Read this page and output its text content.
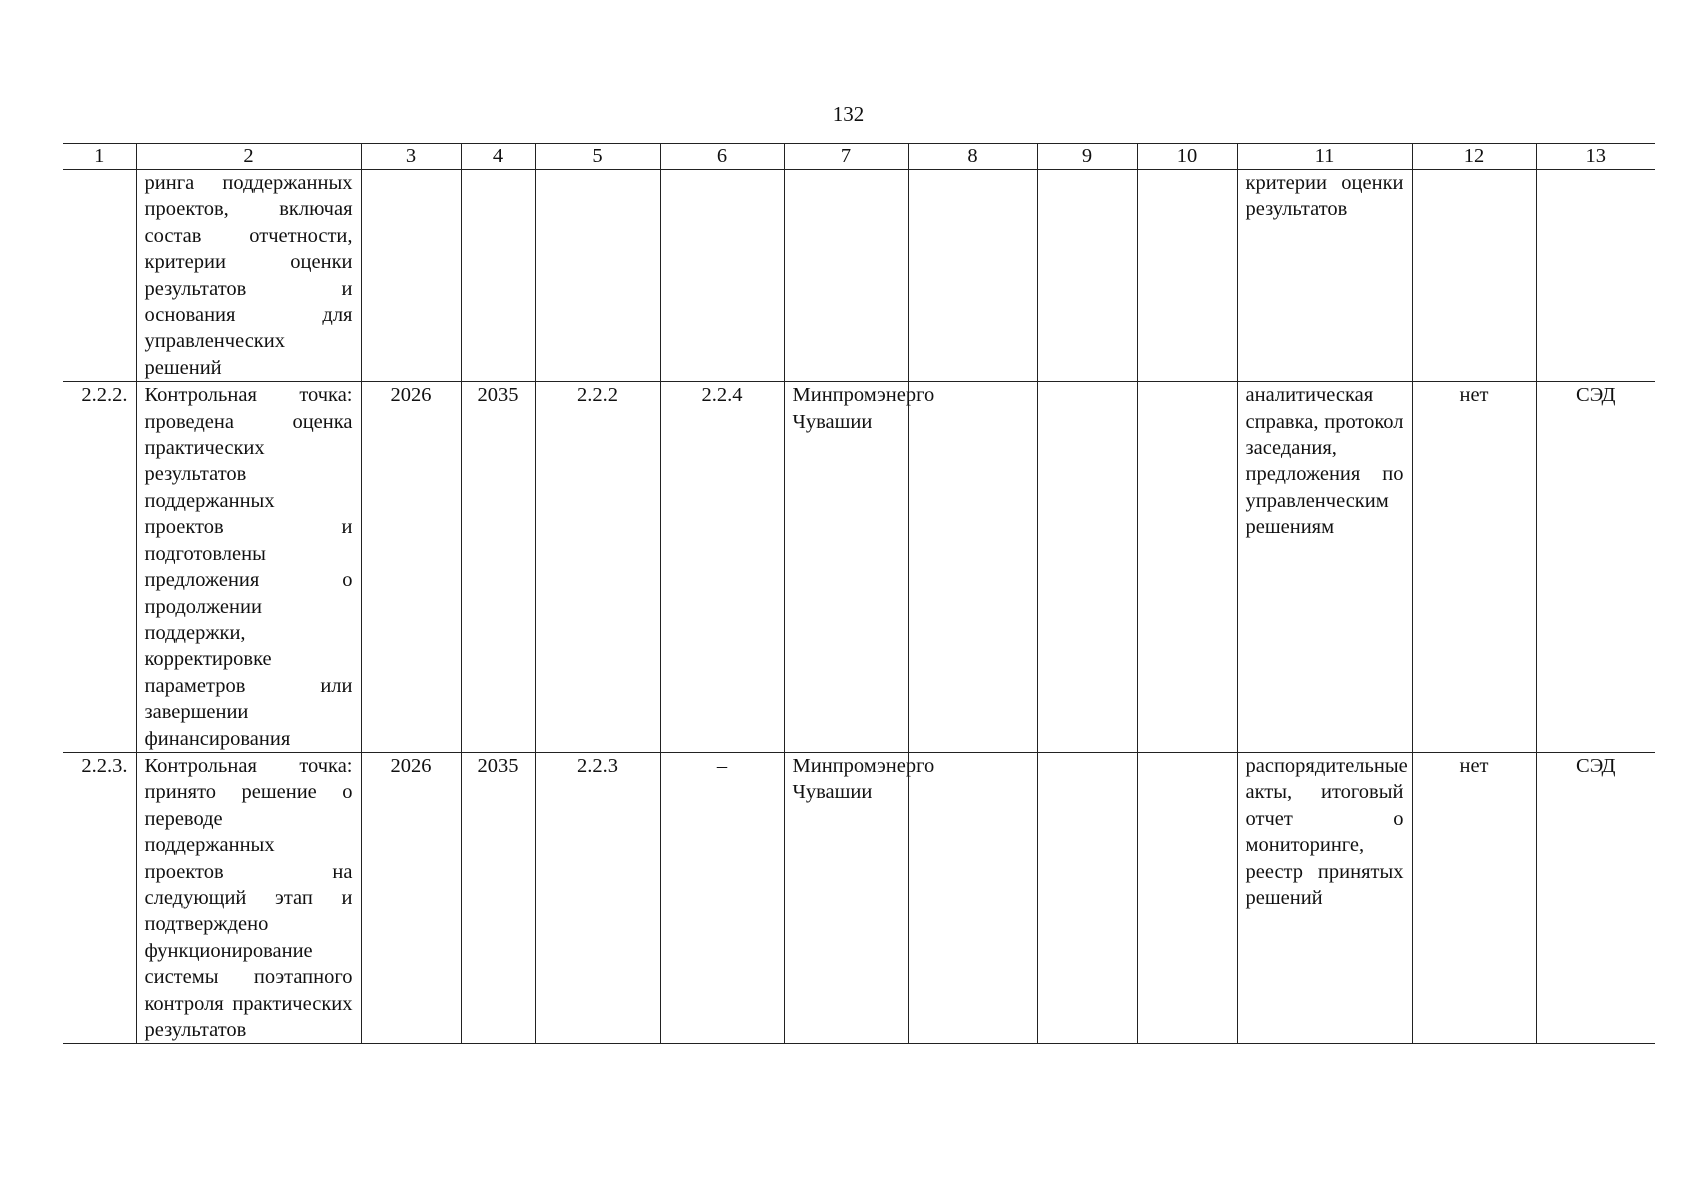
132
1	2	3	4	5	6	7	8	9	10	11	12	13
	ринга поддержанных проектов, включая состав отчетности, критерии оценки результатов и основания для управленческих решений									критерии оценки результатов		
2.2.2.	Контрольная точка: проведена оценка практических результатов поддержанных проектов и подготовлены предложения о продолжении поддержки, корректировке параметров или завершении финансирования	2026	2035	2.2.2	2.2.4	Минпромэнерго Чувашии				аналитическая справка, протокол заседания, предложения по управленческим решениям	нет	СЭД
2.2.3.	Контрольная точка: принято решение о переводе поддержанных проектов на следующий этап и подтверждено функционирование системы поэтапного контроля практических результатов	2026	2035	2.2.3	–	Минпромэнерго Чувашии				распорядительные акты, итоговый отчет о мониторинге, реестр принятых решений	нет	СЭД
